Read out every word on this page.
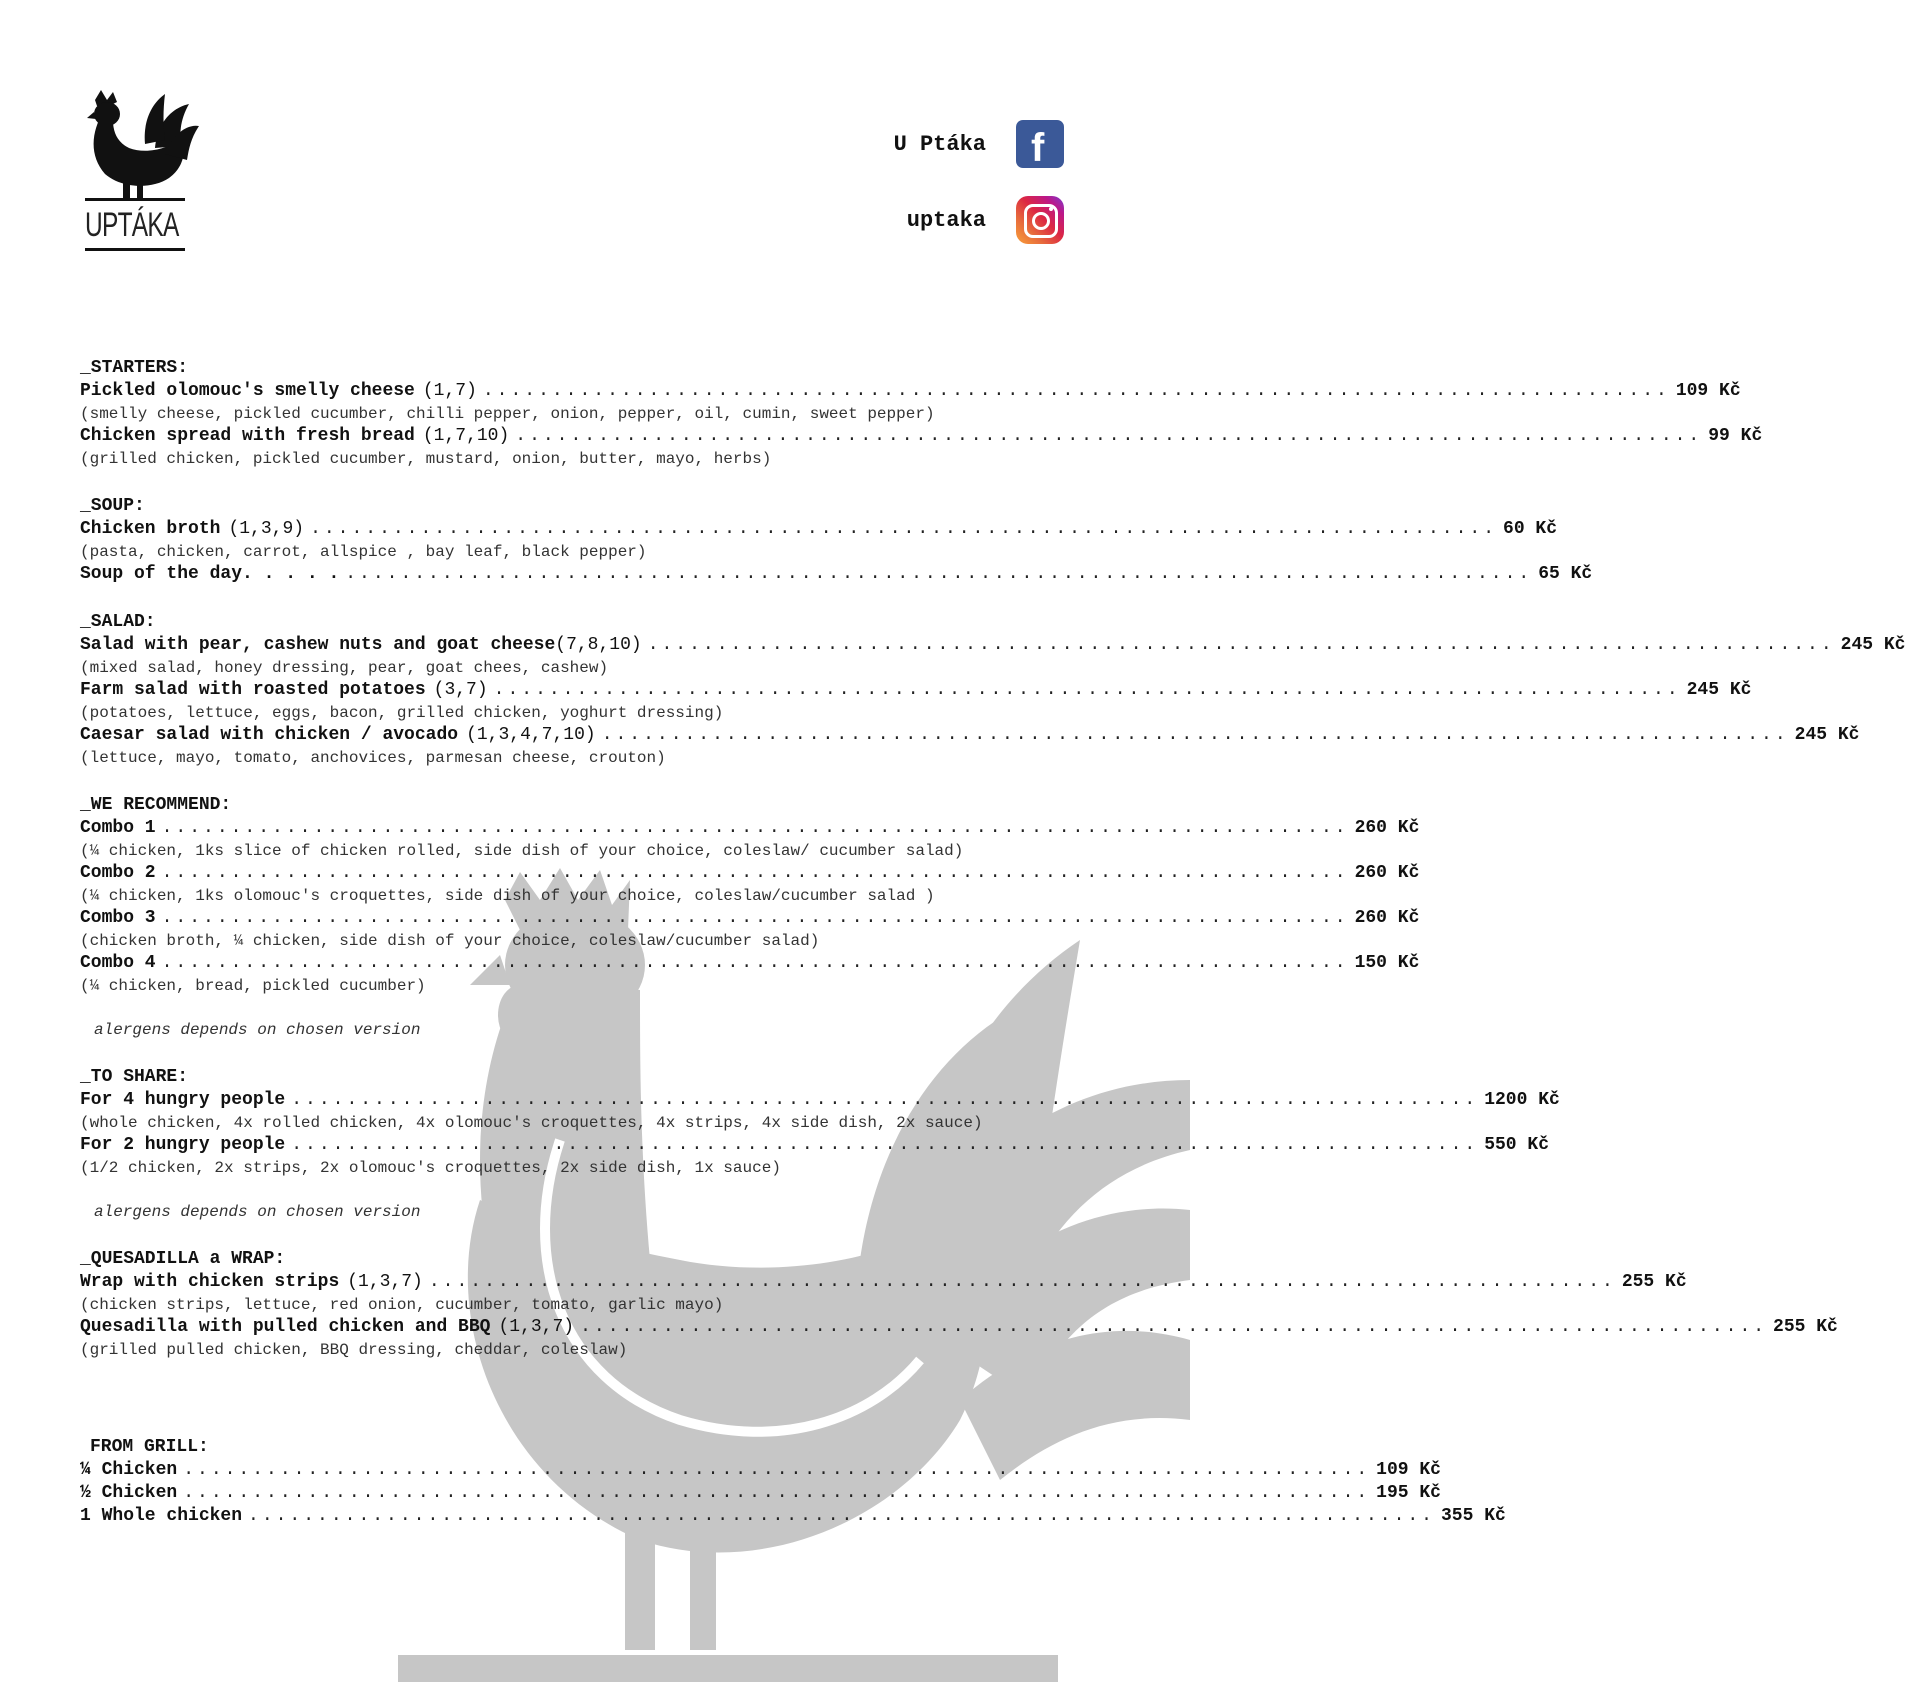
UPTÁKA
U Ptáka f
uptaka
_STARTERS:
Pickled olomouc's smelly cheese (1,7) ...................................................................................... 109 Kč
(smelly cheese, pickled cucumber, chilli pepper, onion, pepper, oil, cumin, sweet pepper)
Chicken spread with fresh bread (1,7,10) ...................................................................................... 99 Kč
(grilled chicken, pickled cucumber, mustard, onion, butter, mayo, herbs)
_SOUP:
Chicken broth (1,3,9) ...................................................................................... 60 Kč
(pasta, chicken, carrot, allspice , bay leaf, black pepper)
Soup of the day. . . . . ...................................................................................... 65 Kč
_SALAD:
Salad with pear, cashew nuts and goat cheese (7,8,10) ...................................................................................... 245 Kč
(mixed salad, honey dressing, pear, goat chees, cashew)
Farm salad with roasted potatoes (3,7) ...................................................................................... 245 Kč
(potatoes, lettuce, eggs, bacon, grilled chicken, yoghurt dressing)
Caesar salad with chicken / avocado (1,3,4,7,10) ...................................................................................... 245 Kč
(lettuce, mayo, tomato, anchovices, parmesan cheese, crouton)
_WE RECOMMEND:
Combo 1 ...................................................................................... 260 Kč
(¼ chicken, 1ks slice of chicken rolled, side dish of your choice, coleslaw/ cucumber salad)
Combo 2 ...................................................................................... 260 Kč
(¼ chicken, 1ks olomouc's croquettes, side dish of your choice, coleslaw/cucumber salad )
Combo 3 ...................................................................................... 260 Kč
(chicken broth, ¼ chicken, side dish of your choice, coleslaw/cucumber salad)
Combo 4 ...................................................................................... 150 Kč
(¼ chicken, bread, pickled cucumber)
alergens depends on chosen version
_TO SHARE:
For 4 hungry people ...................................................................................... 1200 Kč
(whole chicken, 4x rolled chicken, 4x olomouc's croquettes, 4x strips, 4x side dish, 2x sauce)
For 2 hungry people ...................................................................................... 550 Kč
(1/2 chicken, 2x strips, 2x olomouc's croquettes, 2x side dish, 1x sauce)
alergens depends on chosen version
_QUESADILLA a WRAP:
Wrap with chicken strips (1,3,7) ...................................................................................... 255 Kč
(chicken strips, lettuce, red onion, cucumber, tomato, garlic mayo)
Quesadilla with pulled chicken and BBQ (1,3,7) ...................................................................................... 255 Kč
(grilled pulled chicken, BBQ dressing, cheddar, coleslaw)
FROM GRILL:
¼ Chicken ...................................................................................... 109 Kč
½ Chicken ...................................................................................... 195 Kč
1 Whole chicken ...................................................................................... 355 Kč
